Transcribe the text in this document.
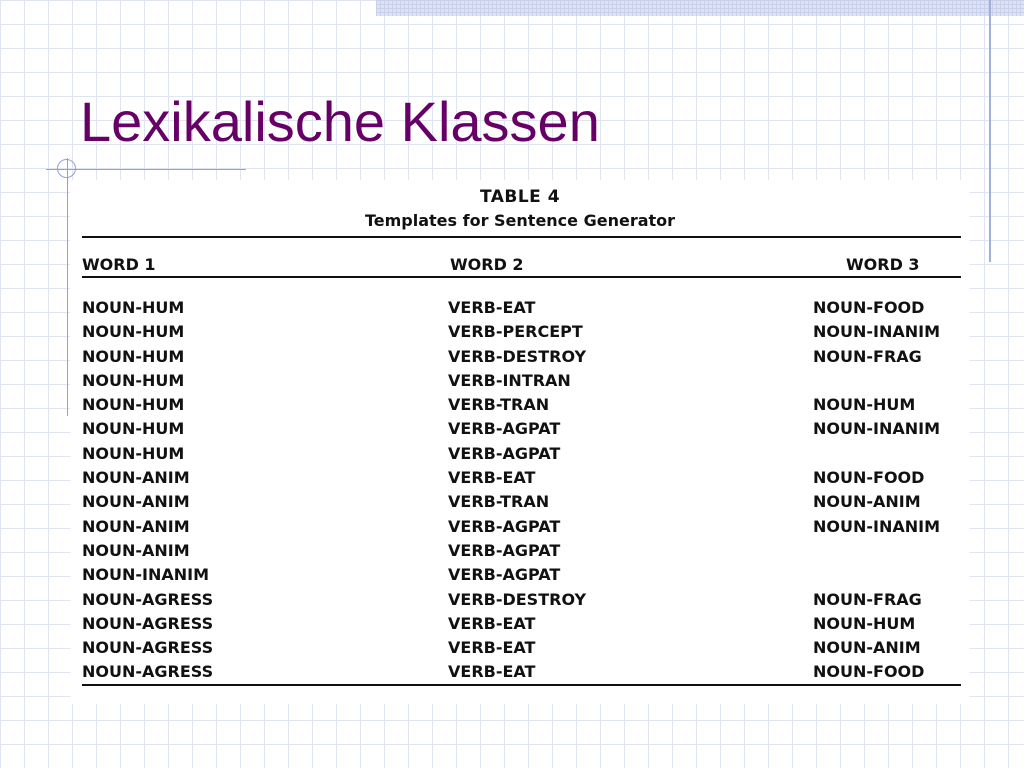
Lexikalische Klassen
TABLE 4
Templates for Sentence Generator
WORD 1	WORD 2	WORD 3
NOUN-HUM	VERB-EAT	NOUN-FOOD
NOUN-HUM	VERB-PERCEPT	NOUN-INANIM
NOUN-HUM	VERB-DESTROY	NOUN-FRAG
NOUN-HUM	VERB-INTRAN
NOUN-HUM	VERB-TRAN	NOUN-HUM
NOUN-HUM	VERB-AGPAT	NOUN-INANIM
NOUN-HUM	VERB-AGPAT
NOUN-ANIM	VERB-EAT	NOUN-FOOD
NOUN-ANIM	VERB-TRAN	NOUN-ANIM
NOUN-ANIM	VERB-AGPAT	NOUN-INANIM
NOUN-ANIM	VERB-AGPAT
NOUN-INANIM	VERB-AGPAT
NOUN-AGRESS	VERB-DESTROY	NOUN-FRAG
NOUN-AGRESS	VERB-EAT	NOUN-HUM
NOUN-AGRESS	VERB-EAT	NOUN-ANIM
NOUN-AGRESS	VERB-EAT	NOUN-FOOD
